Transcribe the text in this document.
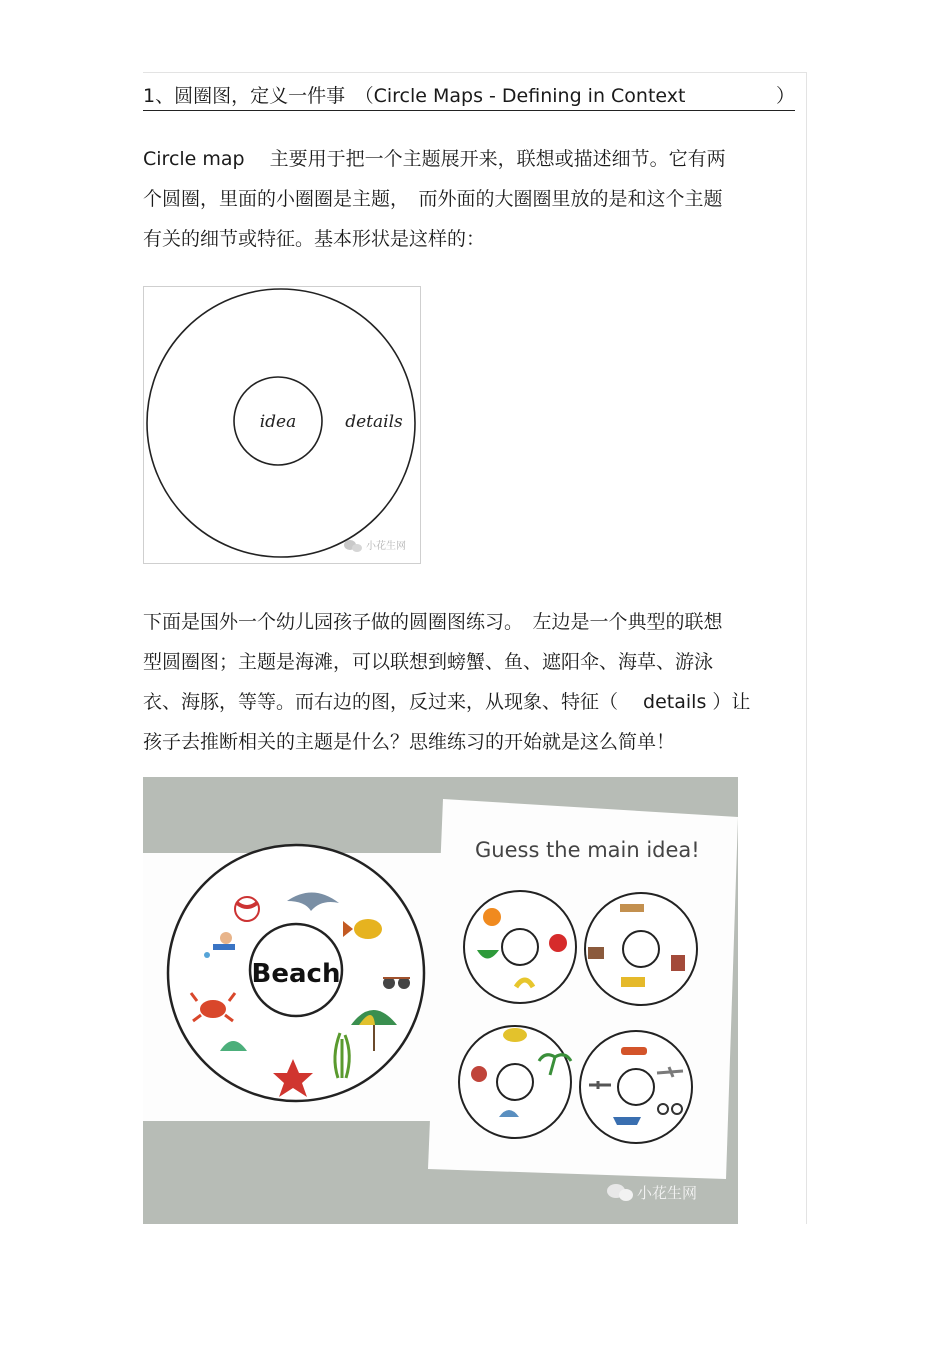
1、圆圈图，定义一件事　（Circle Maps - Defining in Context	）
Circle map　 主要用于把一个主题展开来，联想或描述细节。它有两
个圆圈，里面的小圈圈是主题，　而外面的大圈圈里放的是和这个主题
有关的细节或特征。基本形状是这样的：
idea	details
小花生网
下面是国外一个幼儿园孩子做的圆圈图练习。　左边是一个典型的联想
型圆圈图；主题是海滩，可以联想到螃蟹、鱼、遮阳伞、海草、游泳
衣、海豚，等等。而右边的图，反过来，从现象、特征（　 details ）让
孩子去推断相关的主题是什么？思维练习的开始就是这么简单！
Beach
Guess the main idea!
小花生网
